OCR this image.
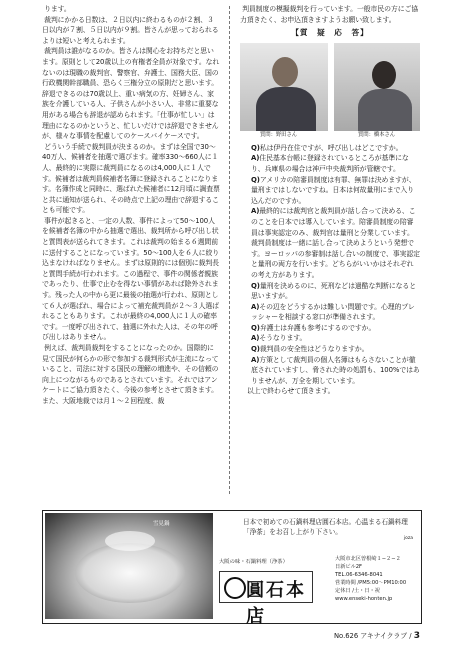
ります。

裁判にかかる日数は、２日以内に終わるものが２割、３日以内が７割、５日以内が９割。皆さんが思っておられるよりは短いと考えられます。

裁判員は誰がなるのか。皆さんは関心をお持ちだと思います。原則として20歳以上の有権者全員が対象です。なれないのは現職の裁判官、警察官、弁護士、国務大臣、国の行政機関幹部職員、恐らく三権分立の原則だと思います。辞退できるのは70歳以上、重い病気の方、妊婦さん、家族を介護している人、子供さんが小さい人、非常に重要な用がある場合も辞退が認められます。「仕事が忙しい」は理由になるのかというと、忙しいだけでは辞退できませんが、様々な事情を配慮してのケースバイケースです。

どういう手続で裁判員が決まるのか。まずは全国で30〜40万人、候補者を抽選で選びます。確率330〜660人に１人、最終的に実際に裁判員になるのは4,000人に１人です。候補者は裁判員候補者名簿に登録されることになります。名簿作成と同時に、選ばれた候補者に12月頃に調査票と共に通知が送られ、その時点で上記の理由で辞退することも可能です。

事件が起きると、一定の人数、事件によって50〜100人を候補者名簿の中から抽選で選出、裁判所から呼び出し状と質問表が送られてきます。これは裁判の始まる６週間前に送付することになっています。50〜100人を６人に絞り込まなければなりません。まずは原則的には個別に裁判長と質問手続が行われます。この過程で、事件の関係者親族であったり、仕事で止むを得ない事情があれば除外されます。残った人の中から更に最後の抽選が行われ、原則として６人が選ばれ、場合によって補充裁判員が２〜３人選ばれることもあります。これが最終の4,000人に１人の確率です。一度呼び出されて、抽選に外れた人は、その年の呼び出しはありません。

例えば、裁判員裁判をすることになったのか。国際的に見て国民が何らかの形で参加する裁判形式が主流になっていること、司法に対する国民の理解の増進や、その信頼の向上につながるものであるとされています。それではアンケートにご協力頂きたく、今後の参考とさせて頂きます。また、大阪地裁では月１〜２回程度、裁

判員制度の模擬裁判を行っています。一般市民の方にご協力頂きたく、お申込頂きますようお願い致します。

【質　疑　応　答】
質問：野田さん	質問：橋本さん

Q)私は伊丹在住ですが、呼び出しはどこですか。

A)住民基本台帳に登録されているところが基準になり、兵庫県の場合は神戸中央裁判所が管轄です。

Q)アメリカの陪審員制度は有罪、無罪は決めますが、量刑まではしないですね。日本は何故量刑にまで入り込んだのですか。

A)最終的には裁判官と裁判員が話し合って決める、このことを日本では導入しています。陪審員制度の陪審員は事実認定のみ、裁判官は量刑と分業しています。裁判員制度は一緒に話し合って決めようという発想です。ヨーロッパの参審制は話し合いの制度で、事実認定と量刑の両方を行います。どちらがいいかはそれぞれの考え方があります。

Q)量刑を決めるのに、死刑などは過酷な判断になると思いますが。

A)その辺をどうするかは難しい問題です。心理的プレッシャーを相談する窓口が準備されます。

Q)弁護士は弁護も参考にするのですか。

A)そうなります。

Q)裁判員の安全性はどうなりますか。

A)方策として裁判員の個人名簿はもらさないことが徹底されていますし、脅された時の処罰も、100%ではありませんが、万全を期しています。

以上で終わらせて頂きます。

雪見鍋	日本で初めての石鍋料理店圓石本店。心温まる石鍋料理「浄茶」をお召し上がり下さい。
joza
大阪の味・石鍋料理（浄茶）
圓石本店
大阪市北区曽根崎１−２−２
日新ビル2F
TEL.06-6346-8041
営業時間 /PM5:00〜PM10:00
定休日 /土・日・祝
www.enseki-honten.jp
No.626 アキナイクラブ / 3
